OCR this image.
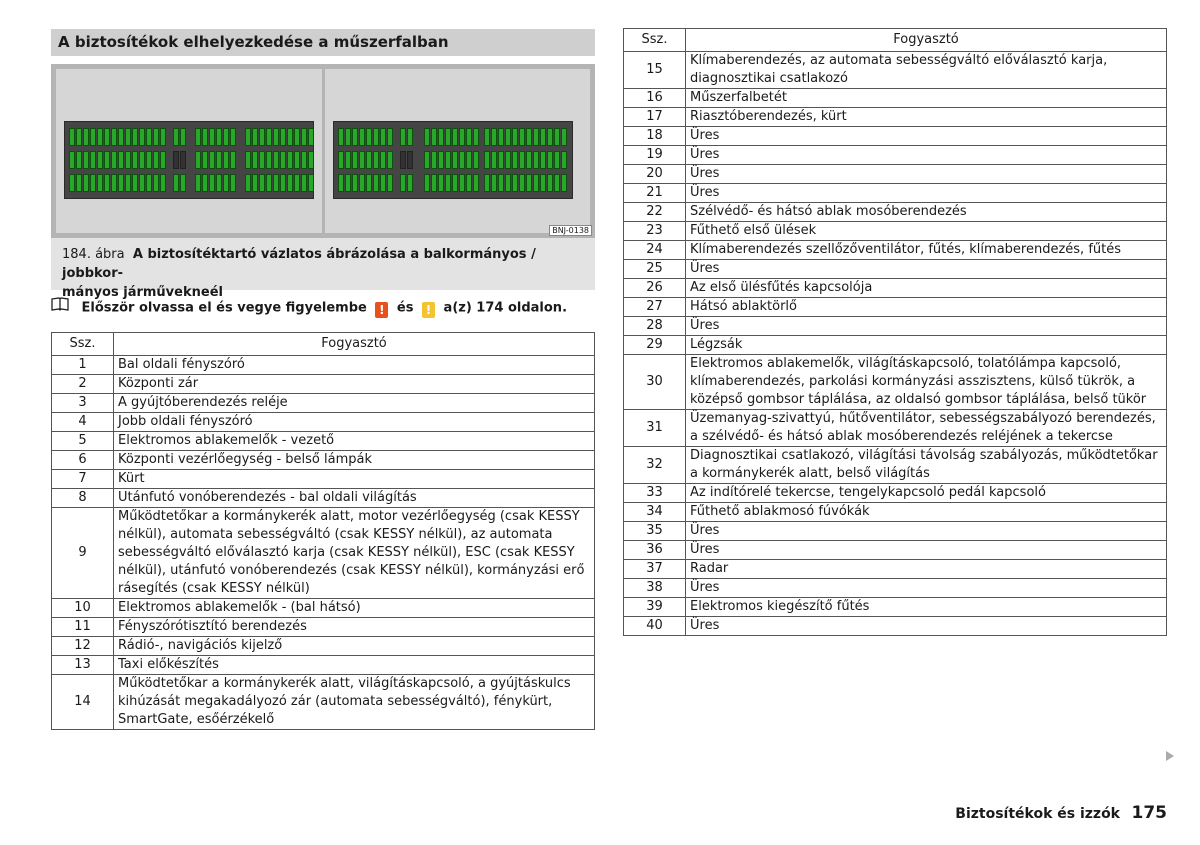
A biztosítékok elhelyezkedése a műszerfalban
BNJ-0138
184. ábra A biztosítéktartó vázlatos ábrázolása a balkormányos / jobbkor-
mányos járművekneél
Először olvassa el és vegye figyelembe ! és ! a(z) 174 oldalon.
Ssz.	Fogyasztó
1	Bal oldali fényszóró
2	Központi zár
3	A gyújtóberendezés reléje
4	Jobb oldali fényszóró
5	Elektromos ablakemelők - vezető
6	Központi vezérlőegység - belső lámpák
7	Kürt
8	Utánfutó vonóberendezés - bal oldali világítás
9	Működtetőkar a kormánykerék alatt, motor vezérlőegység (csak KESSY nélkül), automata sebességváltó (csak KESSY nélkül), az automata sebességváltó előválasztó karja (csak KESSY nélkül), ESC (csak KESSY nélkül), utánfutó vonóberendezés (csak KESSY nélkül), kormányzási erő rásegítés (csak KESSY nélkül)
10	Elektromos ablakemelők - (bal hátsó)
11	Fényszórótisztító berendezés
12	Rádió-, navigációs kijelző
13	Taxi előkészítés
14	Működtetőkar a kormánykerék alatt, világításkapcsoló, a gyújtáskulcs kihúzását megakadályozó zár (automata sebességváltó), fénykürt, SmartGate, esőérzékelő
Ssz.	Fogyasztó
15	Klímaberendezés, az automata sebességváltó előválasztó karja, diagnosztikai csatlakozó
16	Műszerfalbetét
17	Riasztóberendezés, kürt
18	Üres
19	Üres
20	Üres
21	Üres
22	Szélvédő- és hátsó ablak mosóberendezés
23	Fűthető első ülések
24	Klímaberendezés szellőzőventilátor, fűtés, klímaberendezés, fűtés
25	Üres
26	Az első ülésfűtés kapcsolója
27	Hátsó ablaktörlő
28	Üres
29	Légzsák
30	Elektromos ablakemelők, világításkapcsoló, tolatólámpa kapcsoló, klímaberendezés, parkolási kormányzási asszisztens, külső tükrök, a középső gombsor táplálása, az oldalsó gombsor táplálása, belső tükör
31	Üzemanyag-szivattyú, hűtőventilátor, sebességszabályozó berendezés, a szélvédő- és hátsó ablak mosóberendezés reléjének a tekercse
32	Diagnosztikai csatlakozó, világítási távolság szabályozás, működtetőkar a kormánykerék alatt, belső világítás
33	Az indítórelé tekercse, tengelykapcsoló pedál kapcsoló
34	Fűthető ablakmosó fúvókák
35	Üres
36	Üres
37	Radar
38	Üres
39	Elektromos kiegészítő fűtés
40	Üres
Biztosítékok és izzók 175
